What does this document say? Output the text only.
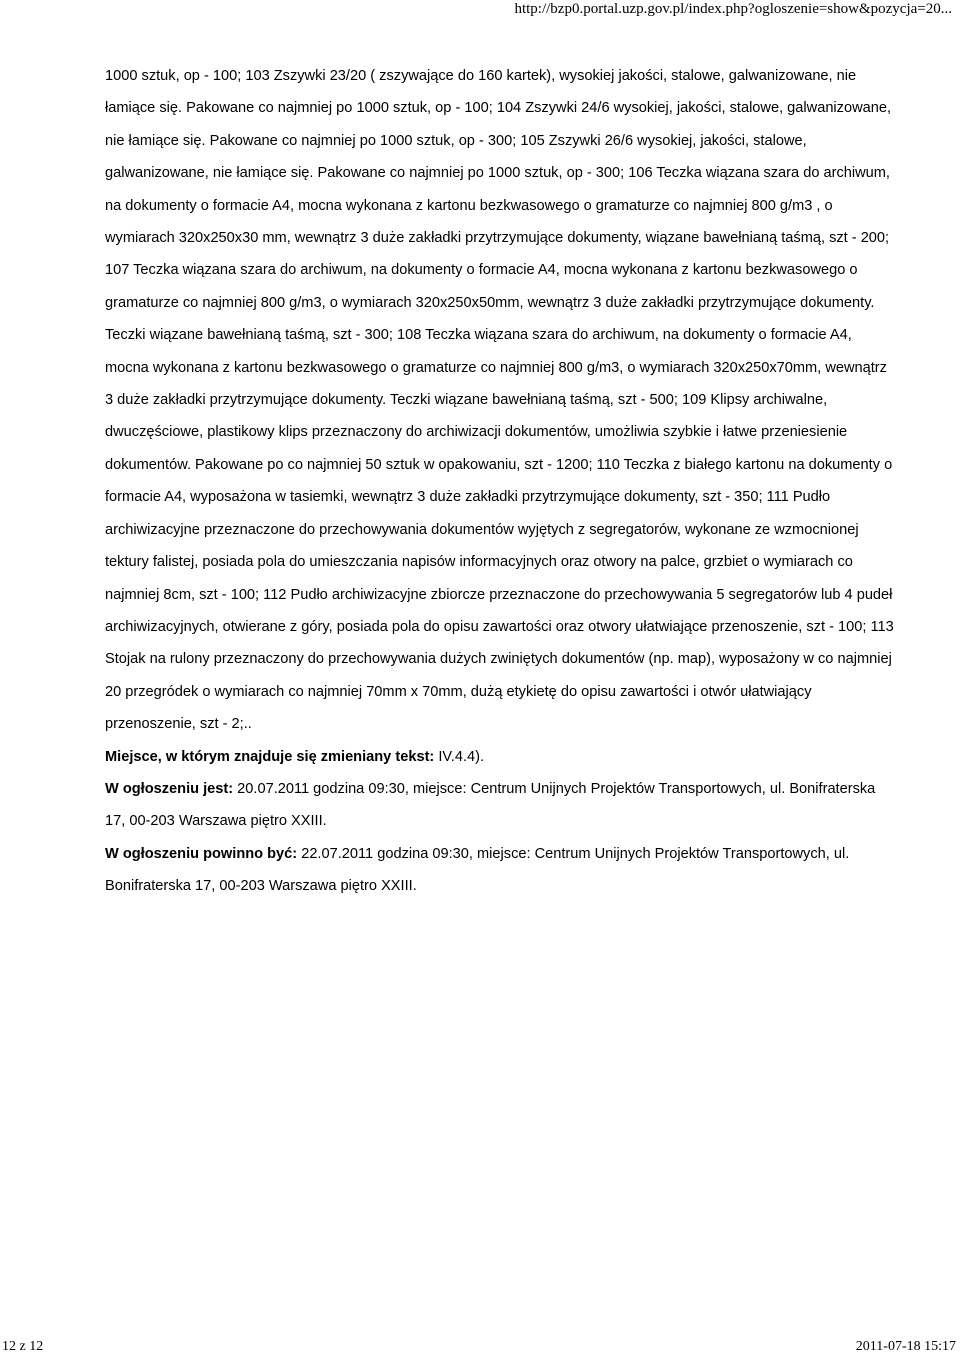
http://bzp0.portal.uzp.gov.pl/index.php?ogloszenie=show&pozycja=20...

1000 sztuk, op - 100; 103 Zszywki 23/20 ( zszywające do 160 kartek), wysokiej jakości, stalowe, galwanizowane, nie łamiące się. Pakowane co najmniej po 1000 sztuk, op - 100; 104 Zszywki 24/6 wysokiej, jakości, stalowe, galwanizowane, nie łamiące się. Pakowane co najmniej po 1000 sztuk, op - 300; 105 Zszywki 26/6 wysokiej, jakości, stalowe, galwanizowane, nie łamiące się. Pakowane co najmniej po 1000 sztuk, op - 300; 106 Teczka wiązana szara do archiwum, na dokumenty o formacie A4, mocna wykonana z kartonu bezkwasowego o gramaturze co najmniej 800 g/m3 , o wymiarach 320x250x30 mm, wewnątrz 3 duże zakładki przytrzymujące dokumenty, wiązane bawełnianą taśmą, szt - 200; 107 Teczka wiązana szara do archiwum, na dokumenty o formacie A4, mocna wykonana z kartonu bezkwasowego o gramaturze co najmniej 800 g/m3, o wymiarach 320x250x50mm, wewnątrz 3 duże zakładki przytrzymujące dokumenty. Teczki wiązane bawełnianą taśmą, szt - 300; 108 Teczka wiązana szara do archiwum, na dokumenty o formacie A4, mocna wykonana z kartonu bezkwasowego o gramaturze co najmniej 800 g/m3, o wymiarach 320x250x70mm, wewnątrz 3 duże zakładki przytrzymujące dokumenty. Teczki wiązane bawełnianą taśmą, szt - 500; 109 Klipsy archiwalne, dwuczęściowe, plastikowy klips przeznaczony do archiwizacji dokumentów, umożliwia szybkie i łatwe przeniesienie dokumentów. Pakowane po co najmniej 50 sztuk w opakowaniu, szt - 1200; 110 Teczka z białego kartonu na dokumenty o formacie A4, wyposażona w tasiemki, wewnątrz 3 duże zakładki przytrzymujące dokumenty, szt - 350; 111 Pudło archiwizacyjne przeznaczone do przechowywania dokumentów wyjętych z segregatorów, wykonane ze wzmocnionej tektury falistej, posiada pola do umieszczania napisów informacyjnych oraz otwory na palce, grzbiet o wymiarach co najmniej 8cm, szt - 100; 112 Pudło archiwizacyjne zbiorcze przeznaczone do przechowywania 5 segregatorów lub 4 pudeł archiwizacyjnych, otwierane z góry, posiada pola do opisu zawartości oraz otwory ułatwiające przenoszenie, szt - 100; 113 Stojak na rulony przeznaczony do przechowywania dużych zwiniętych dokumentów (np. map), wyposażony w co najmniej 20 przegródek o wymiarach co najmniej 70mm x 70mm, dużą etykietę do opisu zawartości i otwór ułatwiający przenoszenie, szt - 2;..

Miejsce, w którym znajduje się zmieniany tekst: IV.4.4).

W ogłoszeniu jest: 20.07.2011 godzina 09:30, miejsce: Centrum Unijnych Projektów Transportowych, ul. Bonifraterska 17, 00-203 Warszawa piętro XXIII.

W ogłoszeniu powinno być: 22.07.2011 godzina 09:30, miejsce: Centrum Unijnych Projektów Transportowych, ul. Bonifraterska 17, 00-203 Warszawa piętro XXIII.

12 z 12	2011-07-18 15:17
